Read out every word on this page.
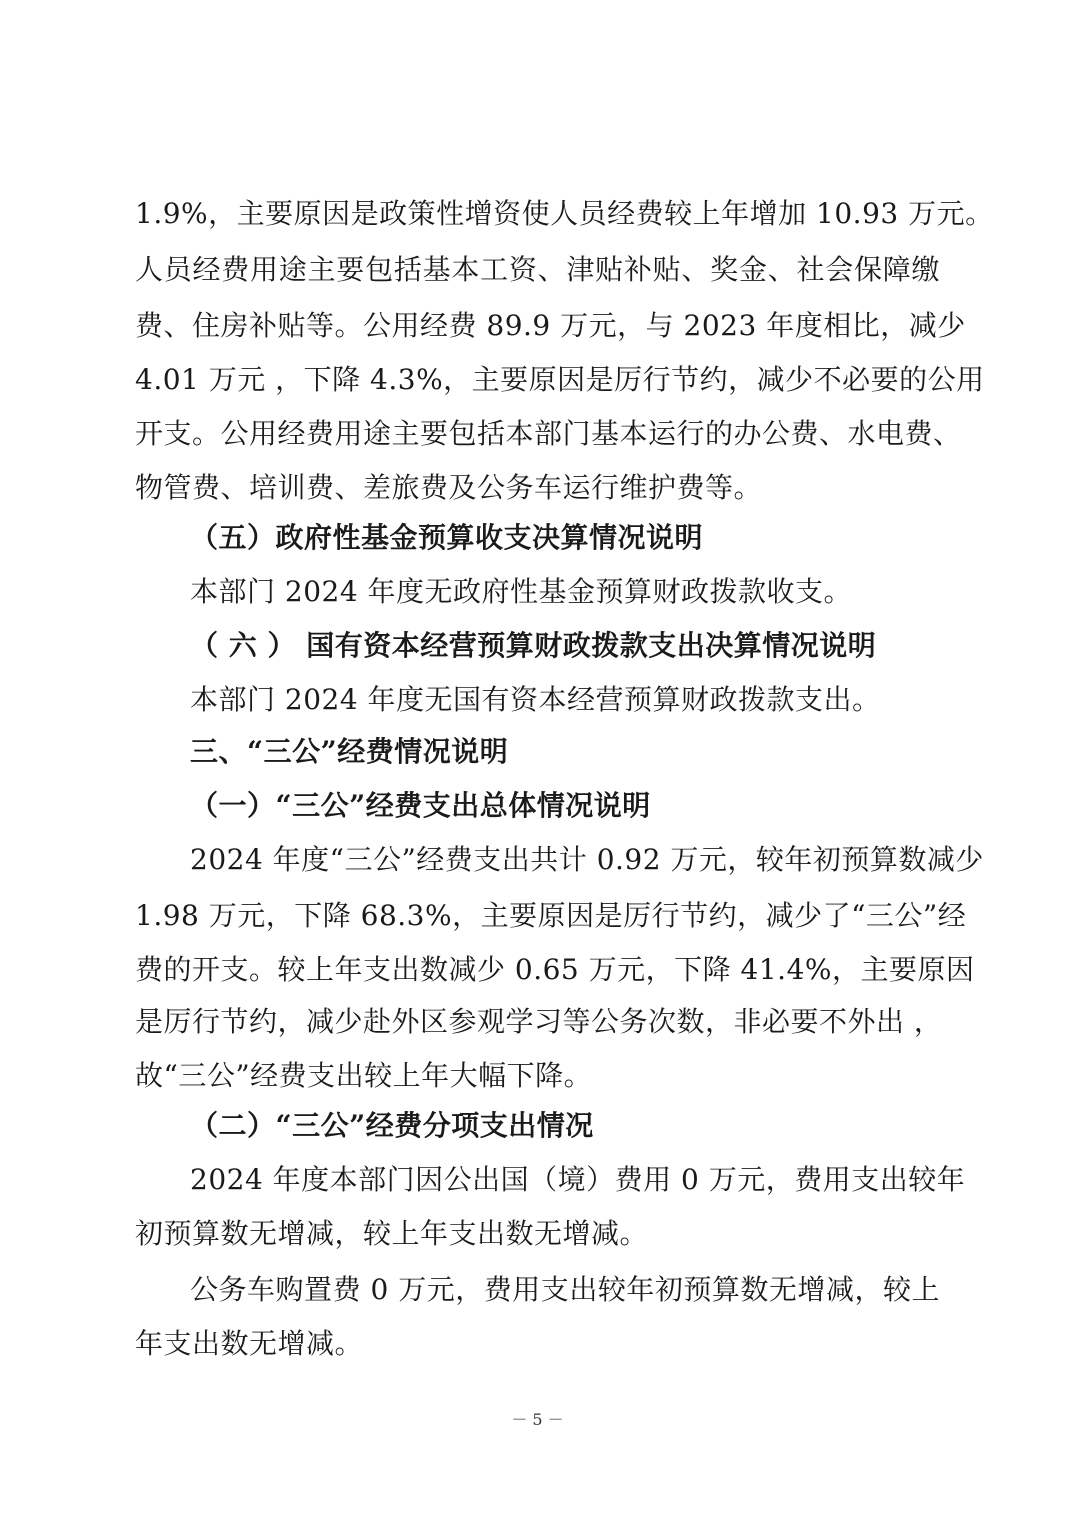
1.9%，主要原因是政策性增资使人员经费较上年增加 10.93 万元。
人员经费用途主要包括基本工资、津贴补贴、奖金、社会保障缴
费、住房补贴等。公用经费 89.9 万元，与 2023 年度相比，减少
4.01 万元 ，下降 4.3%，主要原因是厉行节约，减少不必要的公用
开支。公用经费用途主要包括本部门基本运行的办公费、水电费、
物管费、培训费、差旅费及公务车运行维护费等。
（五）政府性基金预算收支决算情况说明
本部门 2024 年度无政府性基金预算财政拨款收支。
（ 六 ） 国有资本经营预算财政拨款支出决算情况说明
本部门 2024 年度无国有资本经营预算财政拨款支出。
三、“三公”经费情况说明
（一）“三公”经费支出总体情况说明
2024 年度“三公”经费支出共计 0.92 万元，较年初预算数减少
1.98 万元，下降 68.3%，主要原因是厉行节约，减少了“三公”经
费的开支。较上年支出数减少 0.65 万元，下降 41.4%，主要原因
是厉行节约，减少赴外区参观学习等公务次数，非必要不外出 ，
故“三公”经费支出较上年大幅下降。
（二）“三公”经费分项支出情况
2024 年度本部门因公出国（境）费用 0 万元，费用支出较年
初预算数无增减，较上年支出数无增减。
公务车购置费 0 万元，费用支出较年初预算数无增减，较上
年支出数无增减。
－ 5 －
